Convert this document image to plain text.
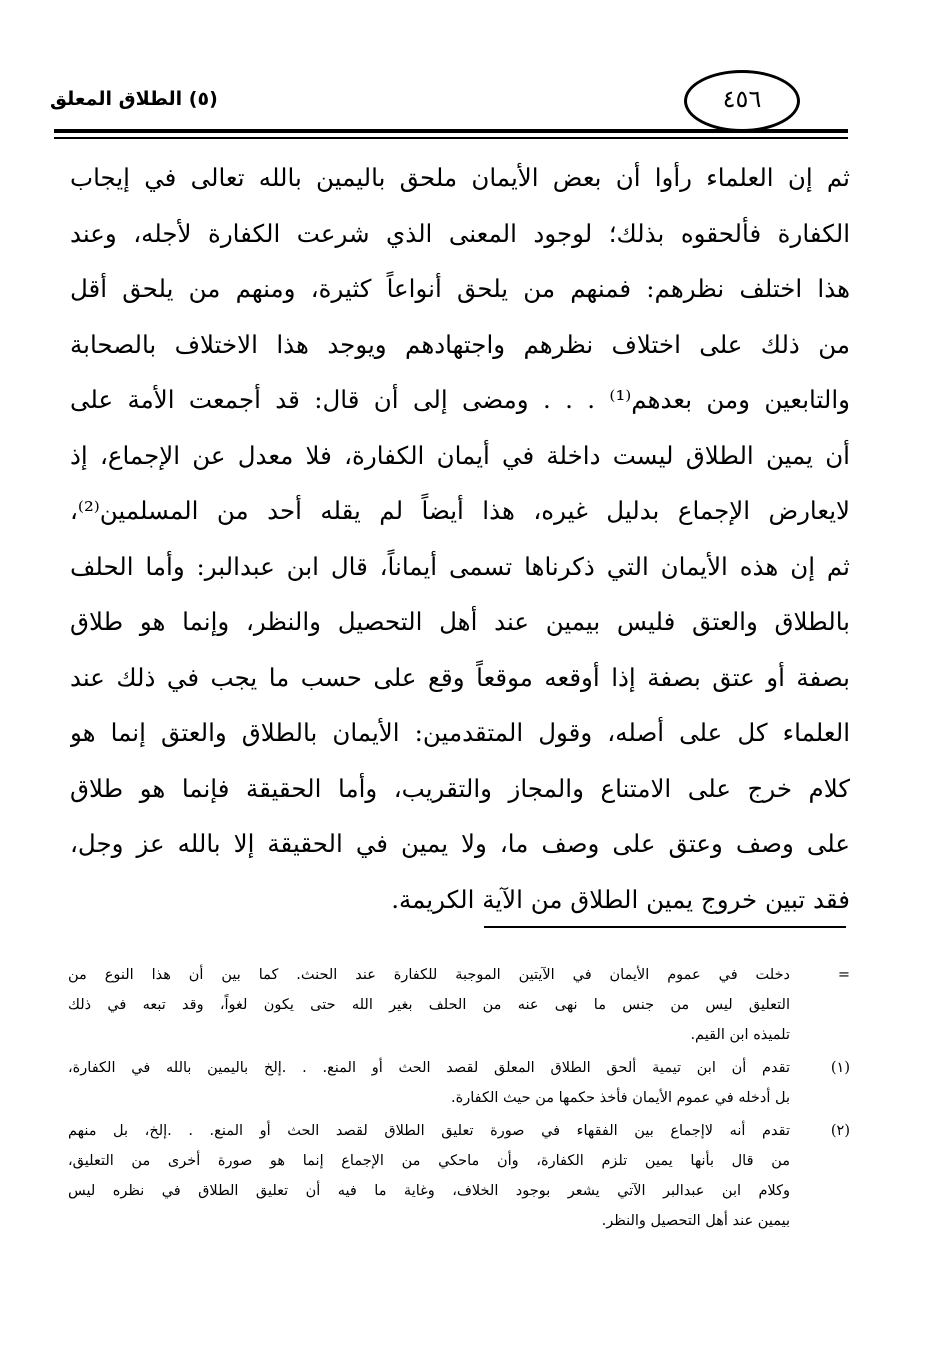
(٥) الطلاق المعلق	٤٥٦
ثم إن العلماء رأوا أن بعض الأيمان ملحق باليمين بالله تعالى في إيجاب
الكفارة فألحقوه بذلك؛ لوجود المعنى الذي شرعت الكفارة لأجله، وعند
هذا اختلف نظرهم: فمنهم من يلحق أنواعاً كثيرة، ومنهم من يلحق أقل
من ذلك على اختلاف نظرهم واجتهادهم ويوجد هذا الاختلاف بالصحابة
والتابعين ومن بعدهم⁽¹⁾ . . . ومضى إلى أن قال: قد أجمعت الأمة على
أن يمين الطلاق ليست داخلة في أيمان الكفارة، فلا معدل عن الإجماع، إذ
لايعارض الإجماع بدليل غيره، هذا أيضاً لم يقله أحد من المسلمين⁽²⁾،
ثم إن هذه الأيمان التي ذكرناها تسمى أيماناً، قال ابن عبدالبر: وأما الحلف
بالطلاق والعتق فليس بيمين عند أهل التحصيل والنظر، وإنما هو طلاق
بصفة أو عتق بصفة إذا أوقعه موقعاً وقع على حسب ما يجب في ذلك عند
العلماء كل على أصله، وقول المتقدمين: الأيمان بالطلاق والعتق إنما هو
كلام خرج على الامتناع والمجاز والتقريب، وأما الحقيقة فإنما هو طلاق
على وصف وعتق على وصف ما، ولا يمين في الحقيقة إلا بالله عز وجل،
فقد تبين خروج يمين الطلاق من الآية الكريمة.
=
دخلت في عموم الأيمان في الآيتين الموجبة للكفارة عند الحنث. كما بين أن هذا النوع من
التعليق ليس من جنس ما نهى عنه من الحلف بغير الله حتى يكون لغواً، وقد تبعه في ذلك
تلميذه ابن القيم.
(١)
تقدم أن ابن تيمية ألحق الطلاق المعلق لقصد الحث أو المنع. . .إلخ باليمين بالله في الكفارة،
بل أدخله في عموم الأيمان فأخذ حكمها من حيث الكفارة.
(٢)
تقدم أنه لاإجماع بين الفقهاء في صورة تعليق الطلاق لقصد الحث أو المنع. . .إلخ، بل منهم
من قال بأنها يمين تلزم الكفارة، وأن ماحكي من الإجماع إنما هو صورة أخرى من التعليق،
وكلام ابن عبدالبر الآتي يشعر بوجود الخلاف، وغاية ما فيه أن تعليق الطلاق في نظره ليس
بيمين عند أهل التحصيل والنظر.
